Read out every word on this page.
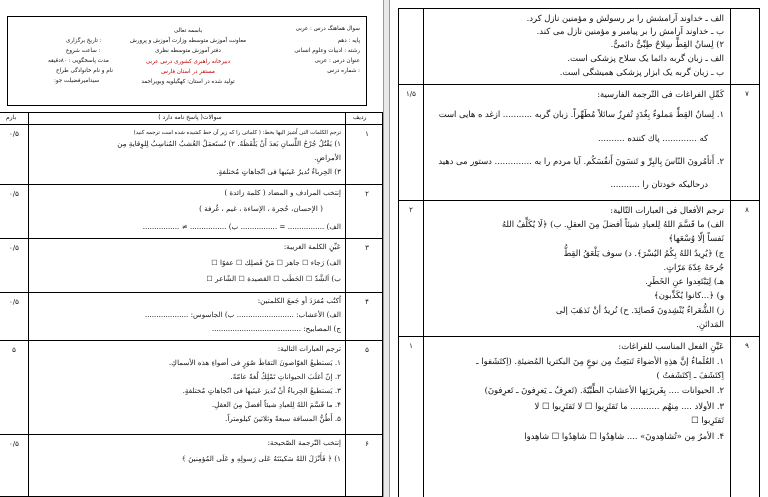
سوال هماهنگ درس : عربی
پایه : دهم
رشته : ادبیات وعلوم انسانی
عنوان درس : عربی
شماره درس :
باسمه تعالی
معاونت آموزش متوسطه وزارت آموزش و پرورش
دفتر آموزش متوسطه نظری
دبیرخانه راهبری کشوری درس عربی
مستقر در استان فارس
تولید شده در استان: کهگیلویه وبویراحمد
تاریخ برگزاری :
ساعت شروع :
مدت پاسخگویی : ۸۰دقیقه
نام و نام خانوادگی طراح
:سیدامیرفضیلت جو
ردیف
سوالات( پاسخ نامه دارد )
بارم
۱
۰/۵	ترجم الکلمات التی اُشیرَ الیها بخط: ( کلماتی را که زیر آن خط کشیده شده است ترجمه کنید)
۱) یَقْتُلُ جُرْحُ اللِّسانِ بَعدَ أَنْ یَلْفَظَهُ. ۲) تُستَعمَلُ العُشبُ المُناسِبُ لِلوِقایةِ مِن
الأمراضِ.
۳) الحِرباءُ تُدیرُ عَینَیها فی اتّجاهاتٍ مُختلفةٍ.
۲
۰/۵	إنتخب المرادف و المضاد ( کلمة زائدة )
( الإحسان، حُجرة ، الإساءة ، غیم ، غُرفة )
الف) ................ = ................ ب) ................ ≠ ................
۳
۰/۵	عَیِّنِ الکلمة الغریبة:
الف) رَجاء ☐ جاهز ☐ مَنْ فَصلِك ☐ عفوًا ☐
ب) اَلشَّدّ ☐ الحَطَب ☐ القصیدة ☐ الشّاعر ☐
۴
۰/۵	اُکتُب مُفرَدَ أو جَمعَ الکلمتین:
الف) الأعشاب: ......................... ب) الجاسوس: ...................
ج) المصابیح: .......................................
۵
۵	ترجم العبارات التالیة:
۱. یَستطیعُ الغوّاصونَ التقاطَ صُوَرٍ فی أضواءِ هذه الأسماكِ.
۲. إنّ أغلَبَ الحیواناتِ تَمْلِكُ لُغةً عامّةً.
۳. یَستطیعُ الحِرباءُ أنْ تُدیرَ عَینَیها فی اتّجاهاتٍ مُختلفةٍ.
۴. ما قَسَّمَ اللهُ لِلعبادِ شیئاً أفضلَ مِنَ العقلِ.
۵. أَطُنُّ المسافة سبعةً وثلاثینَ کیلومتراً.
۶
۰/۵	إنتخب التّرجمة الصّحیحة:
۱) ﴿ فَأَنْزَلَ اللهُ سَکینَتَهُ عَلی رَسولِهِ و عَلَی المُؤمِنینَ ﴾
الف ـ خداوند آرامشش را بر رسولش و مؤمنین نازل کرد.
ب ـ خداوند آرامش را بر پیامبر و مؤمنین نازل می کند.
۲) لِسانُ القِطِّ سِلاحٌ طِبِّیٌّ دائمیٌّ.
الف ـ زبان گربه دائما یک سلاح پزشکی است.
ب ـ زبان گربه یک ابزار پزشکی همیشگی است.
۷
۱/۵	کَمِّلِ الفراغات فی التّرجمة الفارسیة:
۱. لِسانُ القِطِّ مَملوءٌ بِغُدَدٍ تُفرِزُ سائلاً مُطَهِّراً. زبان گربه ........... ازغد ه هایی است
که ............. پاك کننده ..........
۲. أَتأمُرونَ النّاسَ بِالبِرِّ و تَنسَونَ أَنفُسَکُم. آیا مردم را به .............. دستور می دهید
درحالیکه خودتان را ...........
۸
۲	ترجم الأفعال فی العبارات التّالیة:
الف) ما قَسَّمَ اللهُ لِلعبادِ شیئاً أفضلَ مِنَ العقلِ. ب) ﴿لَا یُکَلِّفُ اللهُ
نَفساً إلّا وُسْعَها﴾
ج) ﴿یُرِیدُ اللهُ بِکُمُ الیُسْرَ﴾. د) سوف یَلْعَقُ القِطُّ
جُرحَهُ عِدّةَ مَرّاتٍ.
هـ) لِیَبْتَعِدوا عنِ الخَطَرِ.
و) ﴿...کانوا یُکَذِّبون﴾
ز) الشُّعَراءُ یُنْشِدونَ قَصائِدَ. ح) نُریدُ أنْ نَذهَبَ إلی
المَدائنِ.
۹
۱	عَیِّنِ الفعل المناسب للفراغات:
۱. العُلَماءُ إنَّ هذِهِ الأضواءَ تَنبَعِثُ مِن نوعٍ مِنَ البکتریا المُضیئةِ. (اِکتَشَفوا ـ
اِکتَشَفَ ـ اِکتَشَفتُ )
۲. الحیوانات .... بِغَریزَتِها الأعشابَ الطِّبِّیّةَ. (تَعرِفُ ـ یَعرِفونَ ـ تَعرِفونَ)
۳. الأولاد .... مِنهُم ........... ما تَقتَرِبوا ☐ لا تَقتَرِبوا ☐ لا
تَقتَرِبوا ☐
۴. الأمرُ مِن «تُشاهِدونَ» .... شاهِدُوا ☐ شاهِدُوا ☐ شاهِدوا
